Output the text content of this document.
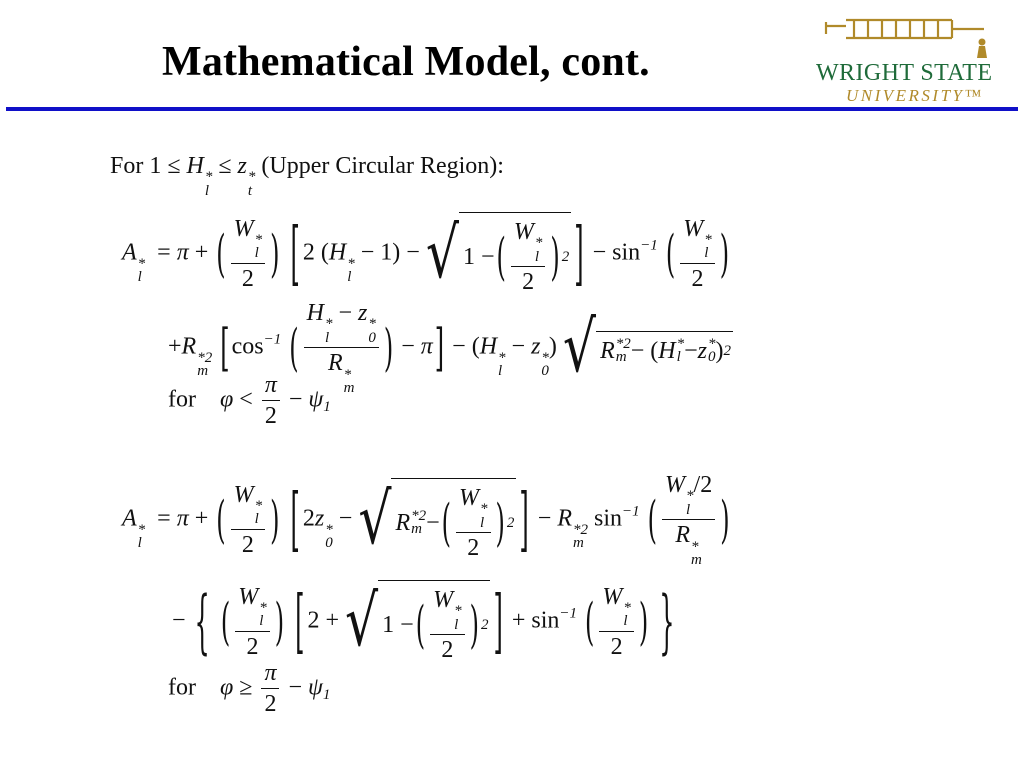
Mathematical Model, cont.	WRIGHT STATE
UNIVERSITY™
For 1 ≤ H *
l
≤ z *
t
(Upper Circular Region):
A *
l
= π + ( W *
l
2 ) [ 2 (H *
l
− 1) − √ 1 − ( W *
l
2 ) 2 ] − $\sin^{-1}$ ( W *
l
2 )
+R *2
m [$\cos^{-1}$ ( H *
l
− z *
0
R *
m ) − π] − (H *
l
− z *
0
) √ R *2
m − ( H *
l − z *
0 ) 2
for $\varphi < \frac{\pi}{2} - \psi_1$
A *
l
= π + ( W *
l
2 ) [ 2z *
0
− √ R *2
m − ( W *
l
2 ) 2 ] − R *2
m
$\sin^{-1}$ ( W *
l
/2
R *
m )
− { ( W *
l
2 ) [ 2 + √ 1 − ( W *
l
2 ) 2 ] + $\sin^{-1}$ ( W *
l
2 ) }
for $\varphi \ge \frac{\pi}{2} - \psi_1$
